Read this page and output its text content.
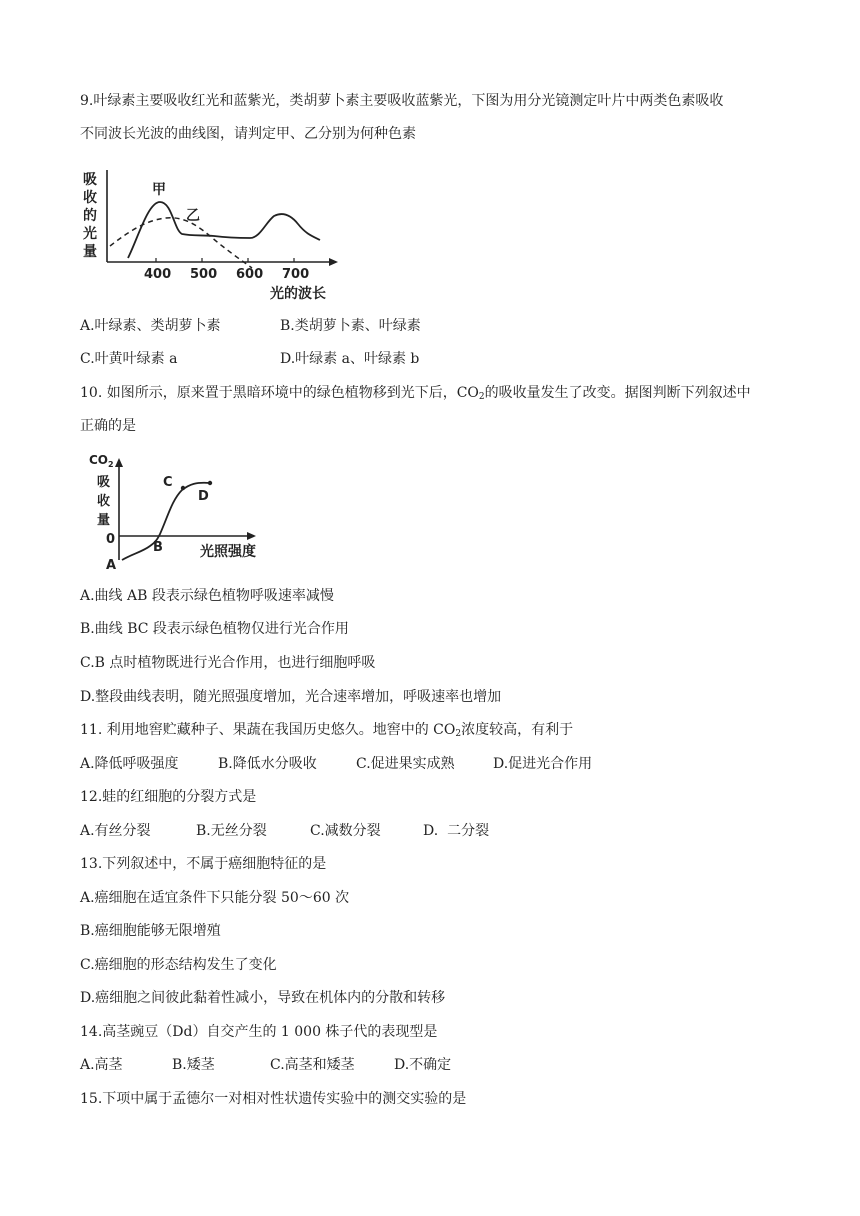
9.叶绿素主要吸收红光和蓝紫光，类胡萝卜素主要吸收蓝紫光，下图为用分光镜测定叶片中两类色素吸收
不同波长光波的曲线图，请判定甲、乙分别为何种色素
吸
收
的
光
量
400 500 600 700
光的波长
甲
乙
A.叶绿素、类胡萝卜素	B.类胡萝卜素、叶绿素
C.叶黄叶绿素 a	D.叶绿素 a、叶绿素 b
10. 如图所示，原来置于黑暗环境中的绿色植物移到光下后，$CO_2$的吸收量发生了改变。据图判断下列叙述中
正确的是
$CO_2$
吸
收
量
0
A
B
C
D
光照强度
A.曲线 AB 段表示绿色植物呼吸速率减慢
B.曲线 BC 段表示绿色植物仅进行光合作用
C.B 点时植物既进行光合作用，也进行细胞呼吸
D.整段曲线表明，随光照强度增加，光合速率增加，呼吸速率也增加
11. 利用地窖贮藏种子、果蔬在我国历史悠久。地窖中的 $CO_2$浓度较高，有利于
A.降低呼吸强度	B.降低水分吸收	C.促进果实成熟	D.促进光合作用
12.蛙的红细胞的分裂方式是
A.有丝分裂	B.无丝分裂	C.减数分裂	D.  二分裂
13.下列叙述中，不属于癌细胞特征的是
A.癌细胞在适宜条件下只能分裂 50～60 次
B.癌细胞能够无限增殖
C.癌细胞的形态结构发生了变化
D.癌细胞之间彼此黏着性减小，导致在机体内的分散和转移
14.高茎豌豆（Dd）自交产生的 1 000 株子代的表现型是
A.高茎	B.矮茎	C.高茎和矮茎	D.不确定
15.下项中属于孟德尔一对相对性状遗传实验中的测交实验的是
